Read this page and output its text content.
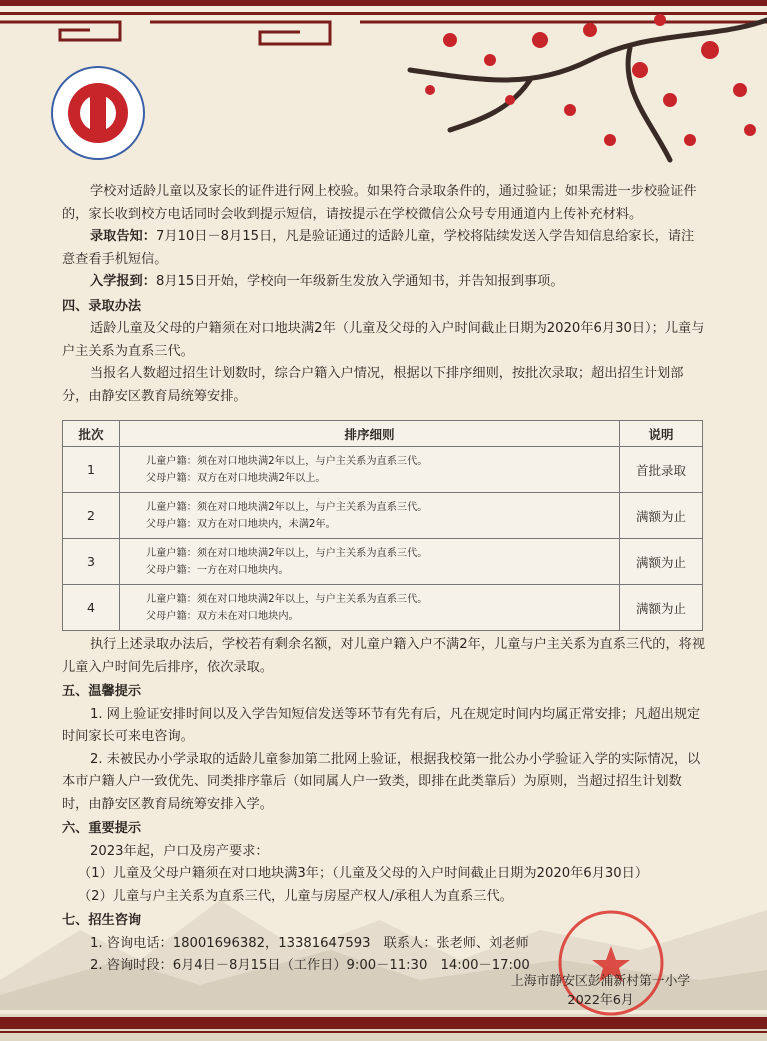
学校对适龄儿童以及家长的证件进行网上校验。如果符合录取条件的，通过验证；如果需进一步校验证件的，家长收到校方电话同时会收到提示短信，请按提示在学校微信公众号专用通道内上传补充材料。

录取告知：7月10日－8月15日，凡是验证通过的适龄儿童，学校将陆续发送入学告知信息给家长，请注意查看手机短信。

入学报到：8月15日开始，学校向一年级新生发放入学通知书，并告知报到事项。

四、录取办法

适龄儿童及父母的户籍须在对口地块满2年（儿童及父母的入户时间截止日期为2020年6月30日）；儿童与户主关系为直系三代。

当报名人数超过招生计划数时，综合户籍入户情况，根据以下排序细则，按批次录取；超出招生计划部分，由静安区教育局统筹安排。

批次	排序细则	说明
1	儿童户籍：须在对口地块满2年以上，与户主关系为直系三代。
父母户籍：双方在对口地块满2年以上。	首批录取
2	儿童户籍：须在对口地块满2年以上，与户主关系为直系三代。
父母户籍：双方在对口地块内，未满2年。	满额为止
3	儿童户籍：须在对口地块满2年以上，与户主关系为直系三代。
父母户籍：一方在对口地块内。	满额为止
4	儿童户籍：须在对口地块满2年以上，与户主关系为直系三代。
父母户籍：双方未在对口地块内。	满额为止

执行上述录取办法后，学校若有剩余名额，对儿童户籍入户不满2年，儿童与户主关系为直系三代的，将视儿童入户时间先后排序，依次录取。

五、温馨提示

1. 网上验证安排时间以及入学告知短信发送等环节有先有后，凡在规定时间内均属正常安排；凡超出规定时间家长可来电咨询。

2. 未被民办小学录取的适龄儿童参加第二批网上验证，根据我校第一批公办小学验证入学的实际情况，以本市户籍人户一致优先、同类排序靠后（如同属人户一致类，即排在此类靠后）为原则，当超过招生计划数时，由静安区教育局统筹安排入学。

六、重要提示

2023年起，户口及房产要求：

（1）儿童及父母户籍须在对口地块满3年；（儿童及父母的入户时间截止日期为2020年6月30日）

（2）儿童与户主关系为直系三代，儿童与房屋产权人/承租人为直系三代。

七、招生咨询

1. 咨询电话：18001696382，13381647593　联系人：张老师、刘老师

2. 咨询时段：6月4日－8月15日（工作日）9:00－11:30　14:00－17:00

上海市静安区彭浦新村第一小学
2022年6月
